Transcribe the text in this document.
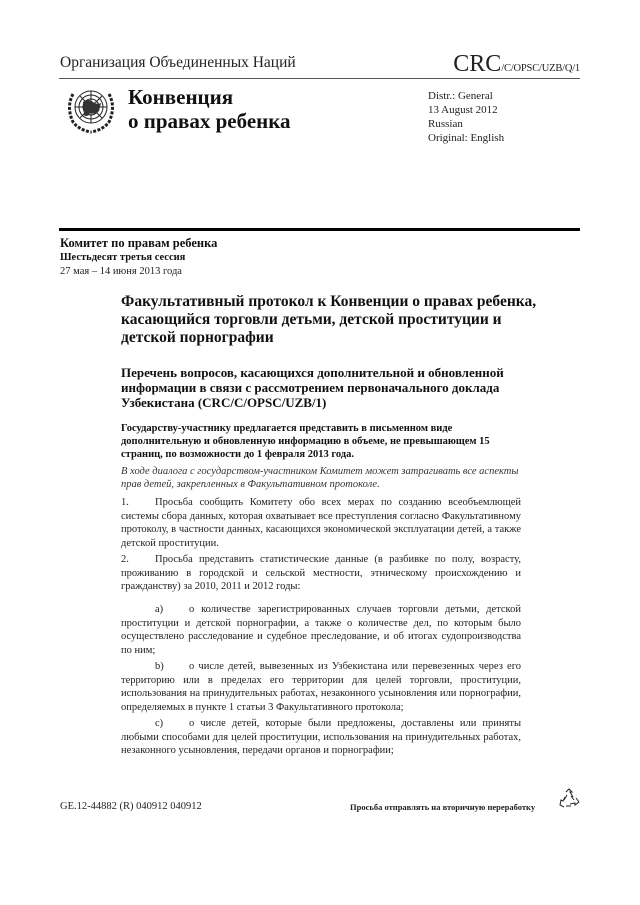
Организация Объединенных Наций	CRC/C/OPSC/UZB/Q/1
Конвенция
о правах ребенка
Distr.: General
13 August 2012
Russian
Original: English
Комитет по правам ребенка
Шестьдесят третья сессия
27 мая – 14 июня 2013 года
Факультативный протокол к Конвенции о правах ребенка, касающийся торговли детьми, детской проституции и детской порнографии
Перечень вопросов, касающихся дополнительной и обновленной информации в связи с рассмотрением первоначального доклада Узбекистана (CRC/C/OPSC/UZB/1)
Государству-участнику предлагается представить в письменном виде дополнительную и обновленную информацию в объеме, не превышающем 15 страниц, по возможности до 1 февраля 2013 года.
В ходе диалога с государством-участником Комитет может затрагивать все аспекты прав детей, закрепленных в Факультативном протоколе.
1. Просьба сообщить Комитету обо всех мерах по созданию всеобъемлющей системы сбора данных, которая охватывает все преступления согласно Факультативному протоколу, в частности данных, касающихся экономической эксплуатации детей, а также детской проституции.
2. Просьба представить статистические данные (в разбивке по полу, возрасту, проживанию в городской и сельской местности, этническому происхождению и гражданству) за 2010, 2011 и 2012 годы:
a) о количестве зарегистрированных случаев торговли детьми, детской проституции и детской порнографии, а также о количестве дел, по которым было осуществлено расследование и судебное преследование, и об итогах судопроизводства по ним;
b) о числе детей, вывезенных из Узбекистана или перевезенных через его территорию или в пределах его территории для целей торговли, проституции, использования на принудительных работах, незаконного усыновления или порнографии, определяемых в пункте 1 статьи 3 Факультативного протокола;
c) о числе детей, которые были предложены, доставлены или приняты любыми способами для целей проституции, использования на принудительных работах, незаконного усыновления, передачи органов и порнографии;
GE.12-44882 (R) 040912 040912	Просьба отправлять на вторичную переработку
